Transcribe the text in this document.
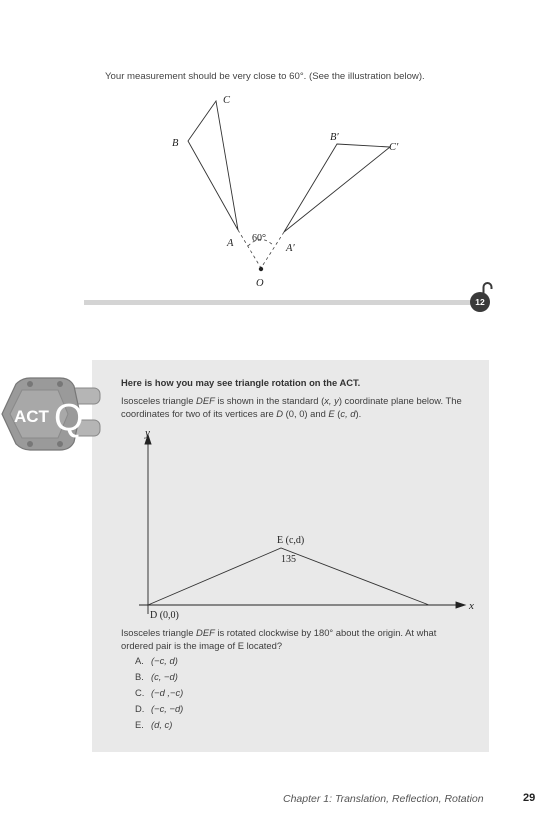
Your measurement should be very close to 60°. (See the illustration below).
C
B
A
B′
C′
A′
O
60°
12
ACT Q
Here is how you may see triangle rotation on the ACT.
Isosceles triangle DEF is shown in the standard (x, y) coordinate plane below. The
coordinates for two of its vertices are D (0, 0) and E (c, d).
y
x
E (c,d)
135
D (0,0)
Isosceles triangle DEF is rotated clockwise by 180° about the origin. At what
ordered pair is the image of E located?
A. (−c, d)
B. (c, −d)
C. (−d ,−c)
D. (−c, −d)
E. (d, c)
Chapter 1: Translation, Reflection, Rotation	29
